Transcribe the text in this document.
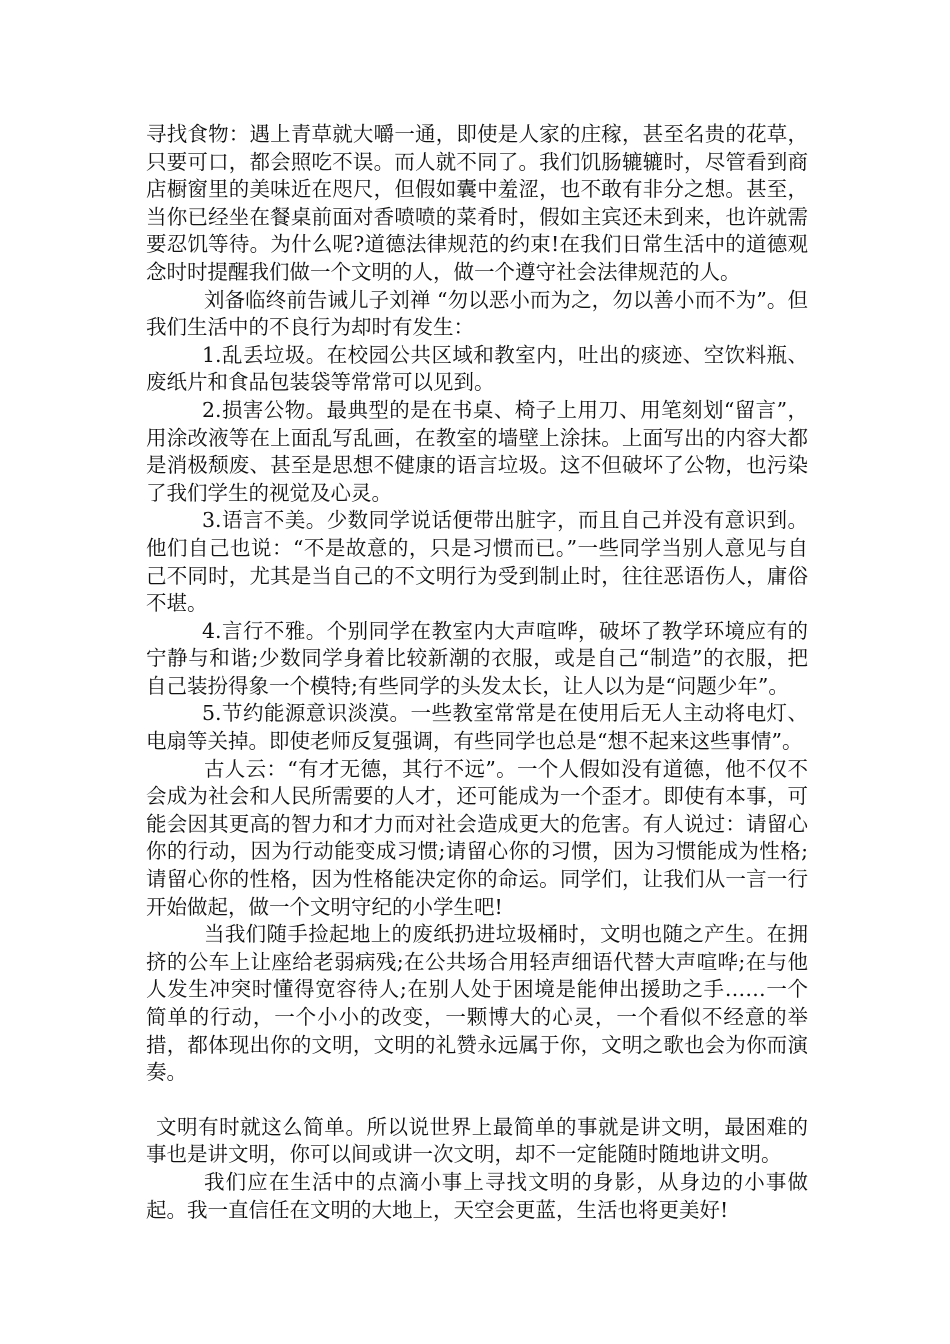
寻找食物：遇上青草就大嚼一通，即使是人家的庄稼，甚至名贵的花草，只要可口，都会照吃不误。而人就不同了。我们饥肠辘辘时，尽管看到商店橱窗里的美味近在咫尺，但假如囊中羞涩，也不敢有非分之想。甚至，当你已经坐在餐桌前面对香喷喷的菜肴时，假如主宾还未到来，也许就需要忍饥等待。为什么呢?道德法律规范的约束!在我们日常生活中的道德观念时时提醒我们做一个文明的人，做一个遵守社会法律规范的人。

刘备临终前告诫儿子刘禅 “勿以恶小而为之，勿以善小而不为”。但我们生活中的不良行为却时有发生：

1.乱丢垃圾。在校园公共区域和教室内，吐出的痰迹、空饮料瓶、废纸片和食品包装袋等常常可以见到。

2.损害公物。最典型的是在书桌、椅子上用刀、用笔刻划“留言”，用涂改液等在上面乱写乱画，在教室的墙壁上涂抹。上面写出的内容大都是消极颓废、甚至是思想不健康的语言垃圾。这不但破坏了公物，也污染了我们学生的视觉及心灵。

3.语言不美。少数同学说话便带出脏字，而且自己并没有意识到。他们自己也说：“不是故意的，只是习惯而已。”一些同学当别人意见与自己不同时，尤其是当自己的不文明行为受到制止时，往往恶语伤人，庸俗不堪。

4.言行不雅。个别同学在教室内大声喧哗，破坏了教学环境应有的宁静与和谐;少数同学身着比较新潮的衣服，或是自己“制造”的衣服，把自己装扮得象一个模特;有些同学的头发太长，让人以为是“问题少年”。

5.节约能源意识淡漠。一些教室常常是在使用后无人主动将电灯、电扇等关掉。即使老师反复强调，有些同学也总是“想不起来这些事情”。

古人云：“有才无德，其行不远”。一个人假如没有道德，他不仅不会成为社会和人民所需要的人才，还可能成为一个歪才。即使有本事，可能会因其更高的智力和才力而对社会造成更大的危害。有人说过：请留心你的行动，因为行动能变成习惯;请留心你的习惯，因为习惯能成为性格;请留心你的性格，因为性格能决定你的命运。同学们，让我们从一言一行开始做起，做一个文明守纪的小学生吧!

当我们随手捡起地上的废纸扔进垃圾桶时，文明也随之产生。在拥挤的公车上让座给老弱病残;在公共场合用轻声细语代替大声喧哗;在与他人发生冲突时懂得宽容待人;在别人处于困境是能伸出援助之手……一个简单的行动，一个小小的改变，一颗博大的心灵，一个看似不经意的举措，都体现出你的文明，文明的礼赞永远属于你，文明之歌也会为你而演奏。

文明有时就这么简单。所以说世界上最简单的事就是讲文明，最困难的事也是讲文明，你可以间或讲一次文明，却不一定能随时随地讲文明。

我们应在生活中的点滴小事上寻找文明的身影，从身边的小事做起。我一直信任在文明的大地上，天空会更蓝，生活也将更美好!
